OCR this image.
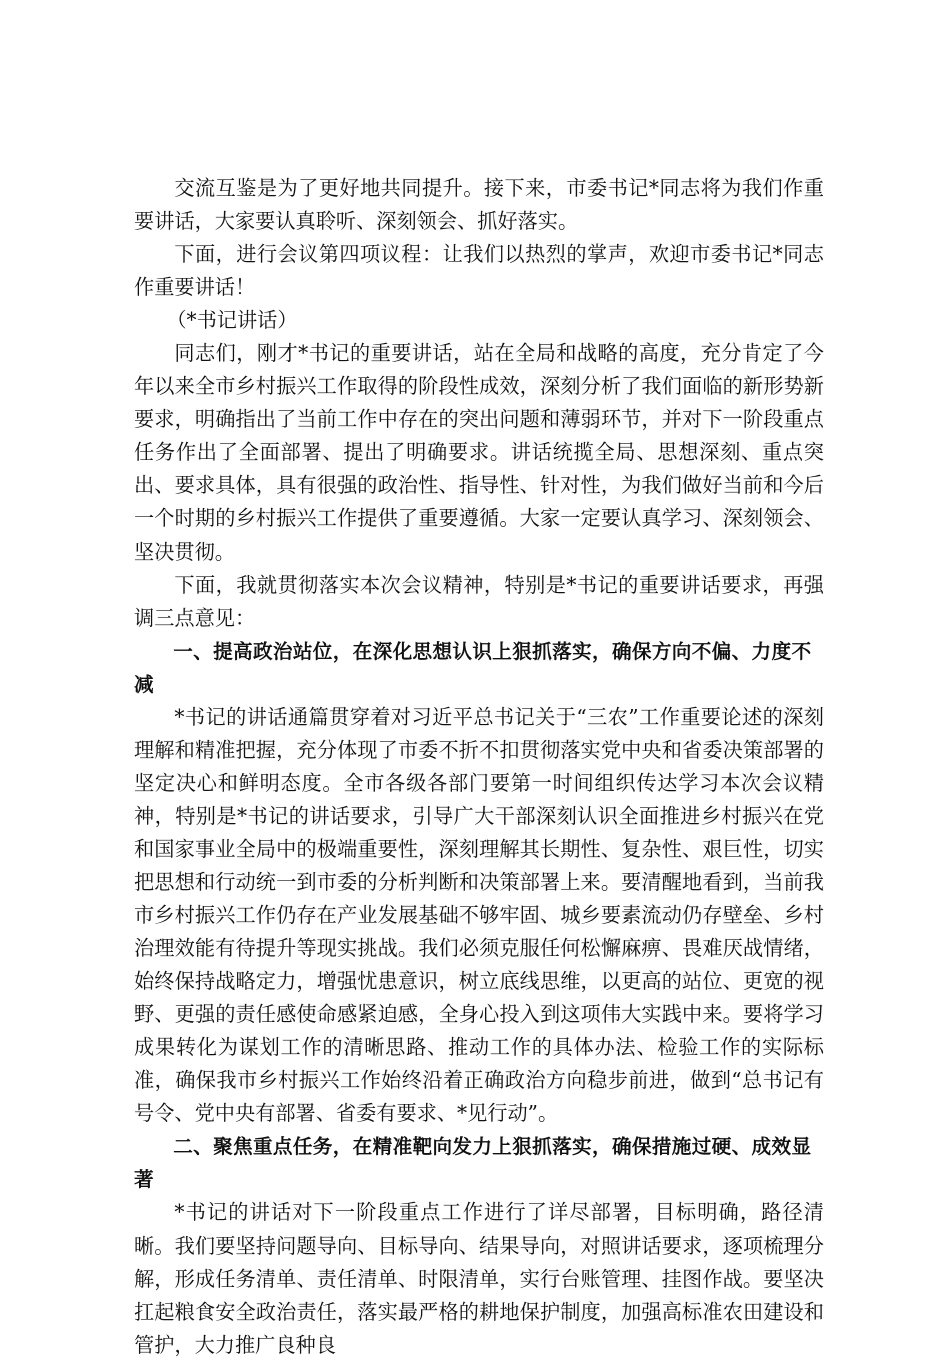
交流互鉴是为了更好地共同提升。接下来，市委书记*同志将为我们作重要讲话，大家要认真聆听、深刻领会、抓好落实。

下面，进行会议第四项议程：让我们以热烈的掌声，欢迎市委书记*同志作重要讲话！

（*书记讲话）

同志们，刚才*书记的重要讲话，站在全局和战略的高度，充分肯定了今年以来全市乡村振兴工作取得的阶段性成效，深刻分析了我们面临的新形势新要求，明确指出了当前工作中存在的突出问题和薄弱环节，并对下一阶段重点任务作出了全面部署、提出了明确要求。讲话统揽全局、思想深刻、重点突出、要求具体，具有很强的政治性、指导性、针对性，为我们做好当前和今后一个时期的乡村振兴工作提供了重要遵循。大家一定要认真学习、深刻领会、坚决贯彻。

下面，我就贯彻落实本次会议精神，特别是*书记的重要讲话要求，再强调三点意见：

一、提高政治站位，在深化思想认识上狠抓落实，确保方向不偏、力度不减

*书记的讲话通篇贯穿着对习近平总书记关于“三农”工作重要论述的深刻理解和精准把握，充分体现了市委不折不扣贯彻落实党中央和省委决策部署的坚定决心和鲜明态度。全市各级各部门要第一时间组织传达学习本次会议精神，特别是*书记的讲话要求，引导广大干部深刻认识全面推进乡村振兴在党和国家事业全局中的极端重要性，深刻理解其长期性、复杂性、艰巨性，切实把思想和行动统一到市委的分析判断和决策部署上来。要清醒地看到，当前我市乡村振兴工作仍存在产业发展基础不够牢固、城乡要素流动仍存壁垒、乡村治理效能有待提升等现实挑战。我们必须克服任何松懈麻痹、畏难厌战情绪，始终保持战略定力，增强忧患意识，树立底线思维，以更高的站位、更宽的视野、更强的责任感使命感紧迫感，全身心投入到这项伟大实践中来。要将学习成果转化为谋划工作的清晰思路、推动工作的具体办法、检验工作的实际标准，确保我市乡村振兴工作始终沿着正确政治方向稳步前进，做到“总书记有号令、党中央有部署、省委有要求、*见行动”。

二、聚焦重点任务，在精准靶向发力上狠抓落实，确保措施过硬、成效显著

*书记的讲话对下一阶段重点工作进行了详尽部署，目标明确，路径清晰。我们要坚持问题导向、目标导向、结果导向，对照讲话要求，逐项梳理分解，形成任务清单、责任清单、时限清单，实行台账管理、挂图作战。要坚决扛起粮食安全政治责任，落实最严格的耕地保护制度，加强高标准农田建设和管护，大力推广良种良
